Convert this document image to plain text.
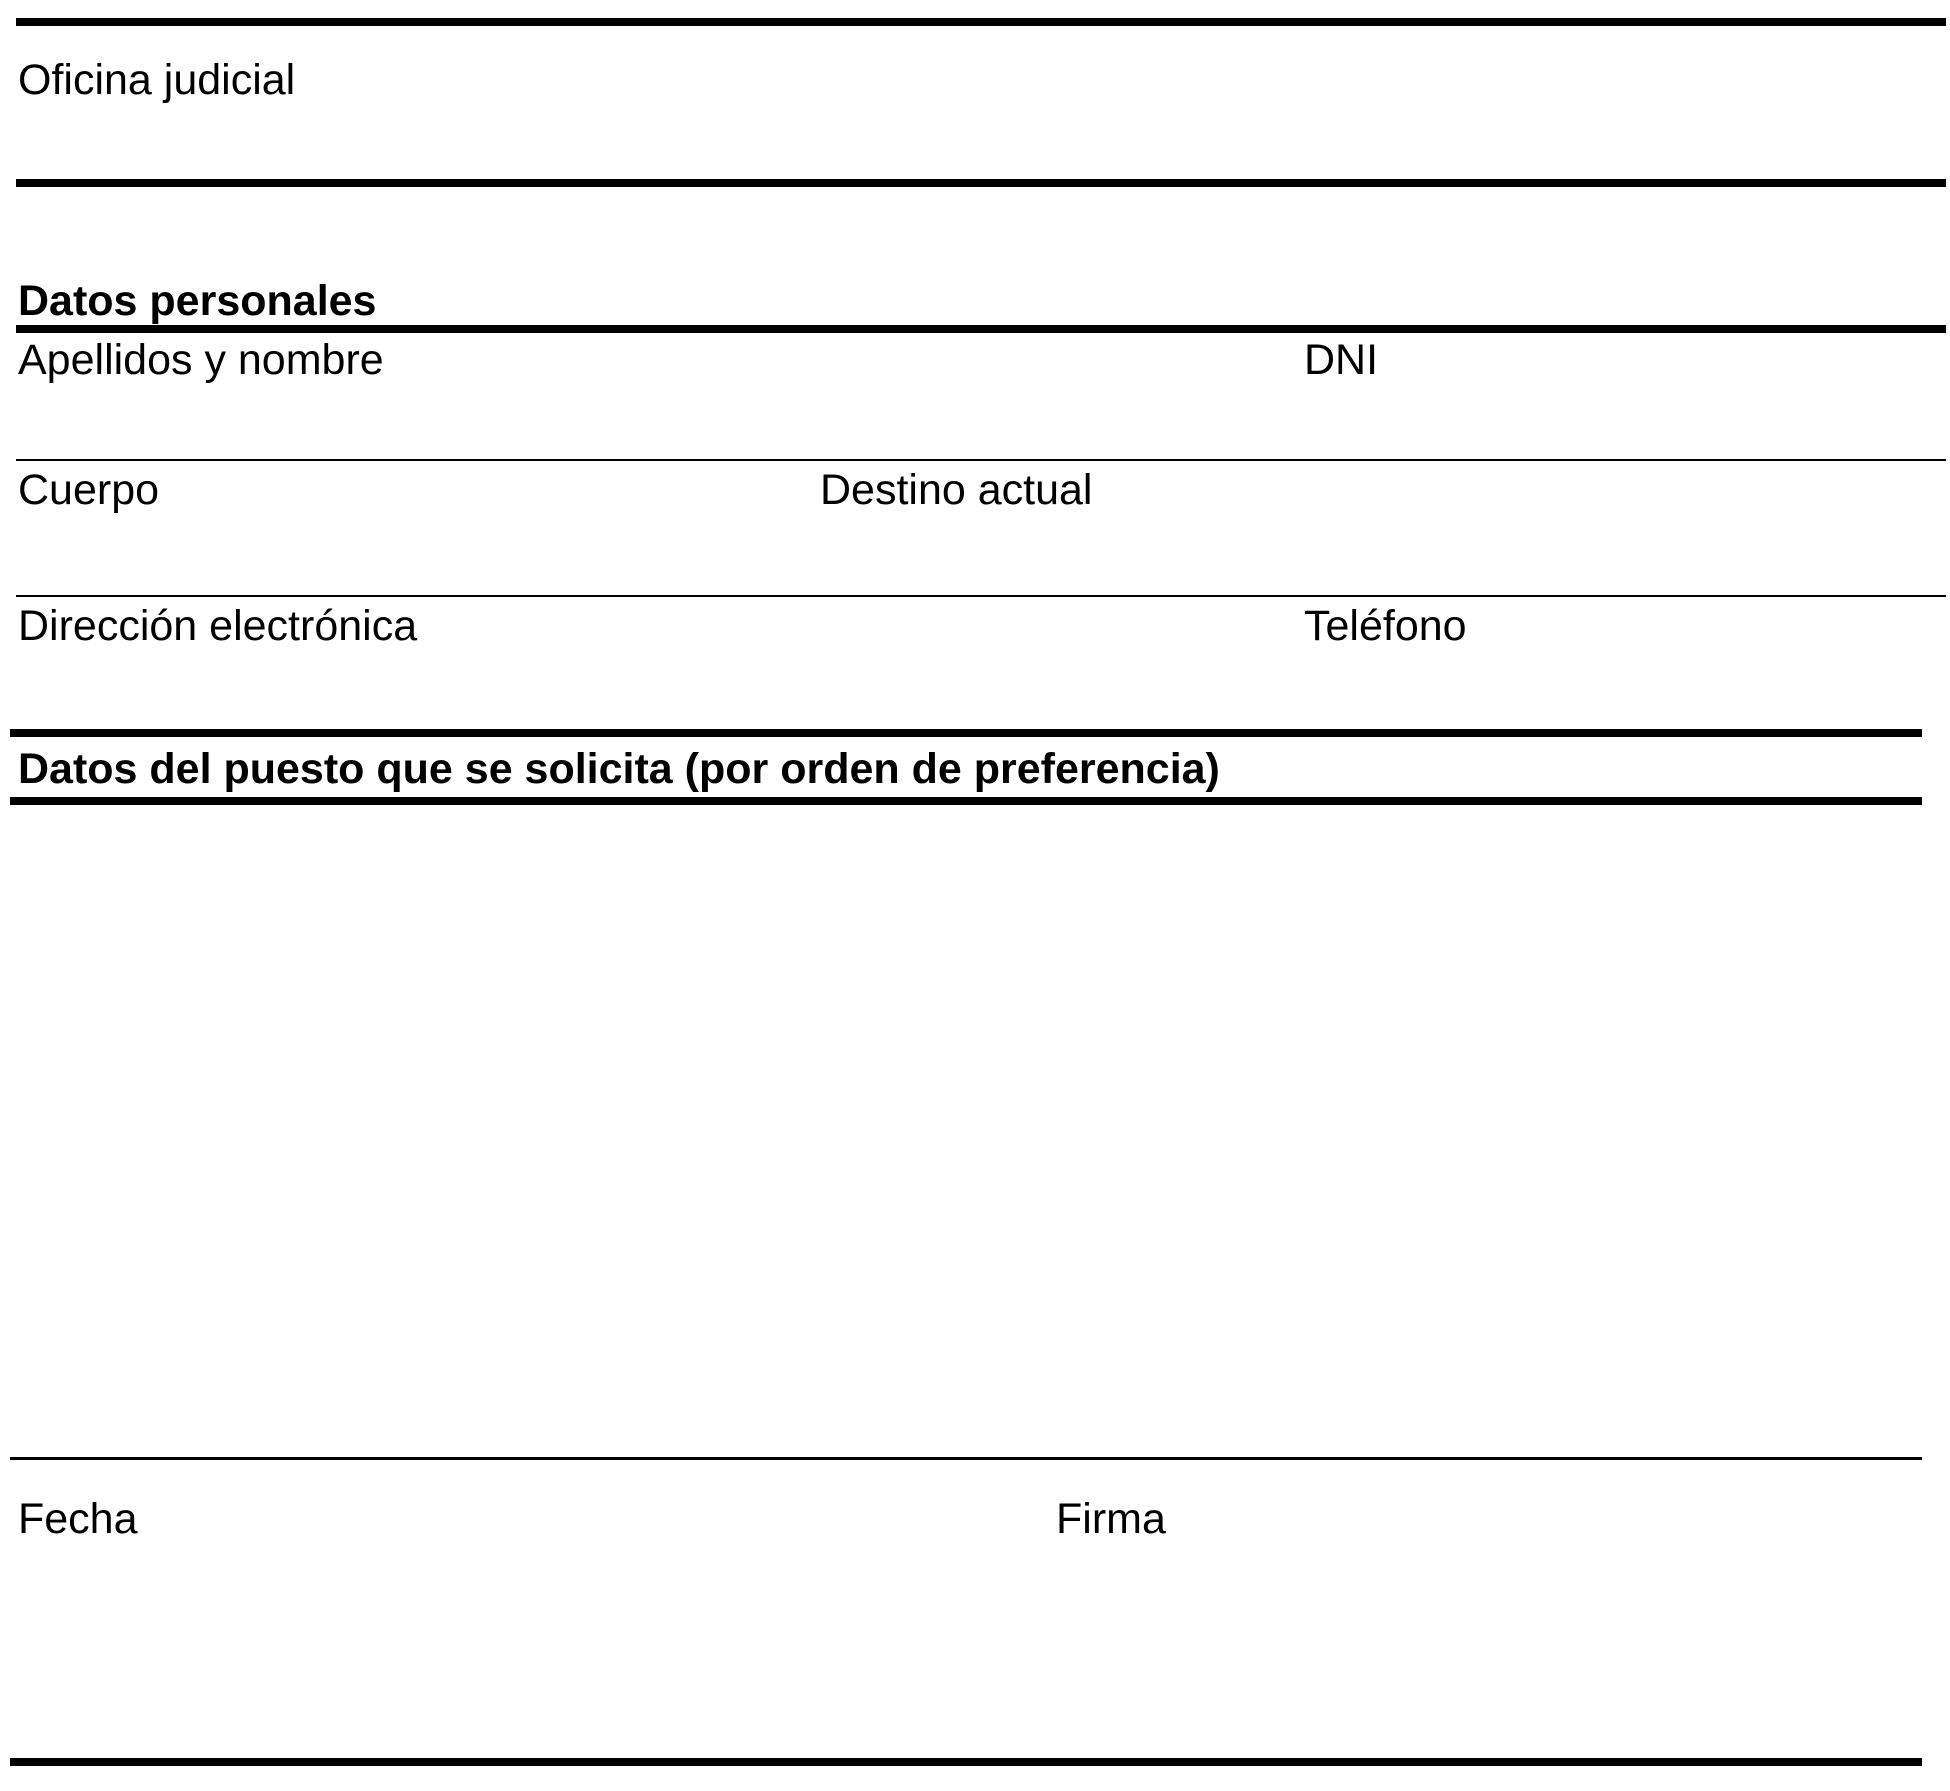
Oficina judicial
Datos personales
Apellidos y nombre	DNI
Cuerpo	Destino actual
Dirección electrónica	Teléfono
Datos del puesto que se solicita (por orden de preferencia)
Fecha	Firma
